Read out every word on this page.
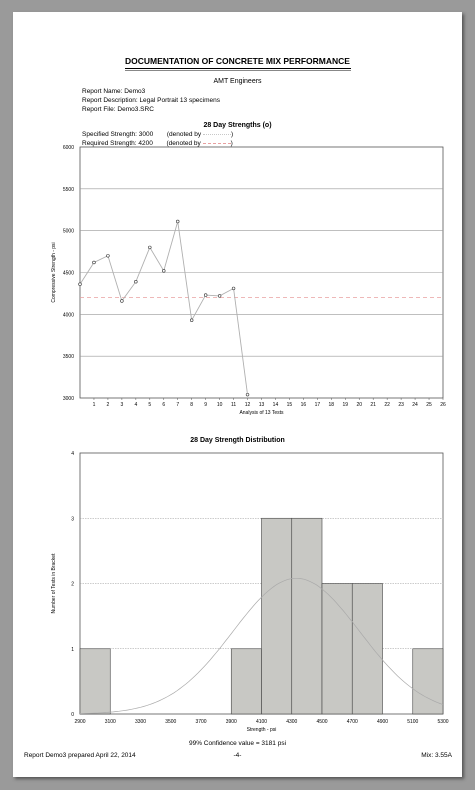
DOCUMENTATION OF CONCRETE MIX PERFORMANCE
AMT Engineers
Report Name: Demo3
Report Description: Legal Portrait 13 specimens
Report File: Demo3.SRC
28 Day Strengths (o)
Specified Strength: 3000 (denoted by	)
Required Strength: 4200 (denoted by	)
3000
3500
4000
4500
5000
5500
6000
1 2 3 4 5 6 7 8 9 10 11 12 13 14 15 16 17 18 19 20 21 22 23 24 25 26
Analysis of 13 Tests
Compressive Strength - psi
28 Day Strength Distribution
0
1
2
3
4
2900	3100	3300	3500	3700	3900	4100	4300	4500	4700	4900	5100	5300
Strength - psi
Number of Tests in Bracket
99% Confidence value = 3181 psi
Report Demo3 prepared April 22, 2014	-4-	Mix: 3.55A
